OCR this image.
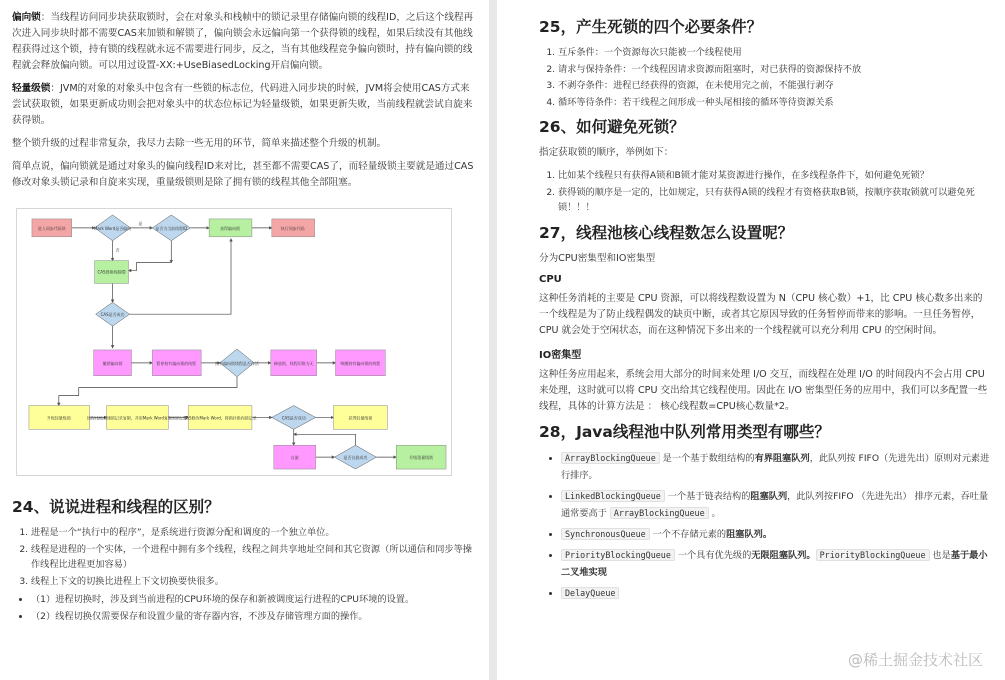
偏向锁：当线程访问同步块获取锁时，会在对象头和栈帧中的锁记录里存储偏向锁的线程ID，之后这个线程再次进入同步块时都不需要CAS来加锁和解锁了，偏向锁会永远偏向第一个获得锁的线程，如果后续没有其他线程获得过这个锁，持有锁的线程就永远不需要进行同步，反之，当有其他线程竞争偏向锁时，持有偏向锁的线程就会释放偏向锁。可以用过设置-XX:+UseBiasedLocking开启偏向锁。

轻量级锁：JVM的对象的对象头中包含有一些锁的标志位，代码进入同步块的时候，JVM将会使用CAS方式来尝试获取锁，如果更新成功则会把对象头中的状态位标记为轻量级锁，如果更新失败，当前线程就尝试自旋来获得锁。

整个锁升级的过程非常复杂，我尽力去除一些无用的环节，简单来描述整个升级的机制。

简单点说，偏向锁就是通过对象头的偏向线程ID来对比，甚至都不需要CAS了，而轻量级锁主要就是通过CAS修改对象头锁记录和自旋来实现，重量级锁则是除了拥有锁的线程其他全部阻塞。

进入同步代码块	Mark Word是否偏向	是否为当前线程ID	获得偏向锁	执行同步代码
CAS替换线程ID
CAS是否成功
撤销偏向锁	暂停持有偏向锁的线程	持有偏向锁线程是否存活	释放锁，线程切换为无	唤醒持有偏向锁的线程
升级轻量级锁	线程栈帧创建锁记录复制，并用Mark Word复制到锁记录
CAS修改Mark Word，将指针指向锁记录	CAS是否成功	获得轻量级锁
自旋	是否自旋成功	升级重量级锁
是
否
24、说说进程和线程的区别？
1. 进程是一个“执行中的程序”，是系统进行资源分配和调度的一个独立单位。
2. 线程是进程的一个实体，一个进程中拥有多个线程，线程之间共享地址空间和其它资源（所以通信和同步等操作线程比进程更加容易）
3. 线程上下文的切换比进程上下文切换要快很多。
• （1）进程切换时，涉及到当前进程的CPU环境的保存和新被调度运行进程的CPU环境的设置。
• （2）线程切换仅需要保存和设置少量的寄存器内容，不涉及存储管理方面的操作。
25，产生死锁的四个必要条件？
1. 互斥条件：一个资源每次只能被一个线程使用
2. 请求与保持条件：一个线程因请求资源而阻塞时，对已获得的资源保持不放
3. 不剥夺条件：进程已经获得的资源，在未使用完之前，不能强行剥夺
4. 循环等待条件：若干线程之间形成一种头尾相接的循环等待资源关系
26、如何避免死锁？

指定获取锁的顺序，举例如下：

1. 比如某个线程只有获得A锁和B锁才能对某资源进行操作，在多线程条件下，如何避免死锁？
2. 获得锁的顺序是一定的，比如规定，只有获得A锁的线程才有资格获取B锁，按顺序获取锁就可以避免死锁！！！
27，线程池核心线程数怎么设置呢？

分为CPU密集型和IO密集型

CPU

这种任务消耗的主要是 CPU 资源，可以将线程数设置为 N（CPU 核心数）+1，比 CPU 核心数多出来的一个线程是为了防止线程偶发的缺页中断，或者其它原因导致的任务暂停而带来的影响。一旦任务暂停，CPU 就会处于空闲状态，而在这种情况下多出来的一个线程就可以充分利用 CPU 的空闲时间。

IO密集型

这种任务应用起来，系统会用大部分的时间来处理 I/O 交互，而线程在处理 I/O 的时间段内不会占用 CPU 来处理，这时就可以将 CPU 交出给其它线程使用。因此在 I/O 密集型任务的应用中，我们可以多配置一些线程，具体的计算方法是 ： 核心线程数=CPU核心数量*2。

28，Java线程池中队列常用类型有哪些？
• ArrayBlockingQueue 是一个基于数组结构的有界阻塞队列，此队列按 FIFO（先进先出）原则对元素进行排序。
• LinkedBlockingQueue 一个基于链表结构的阻塞队列，此队列按FIFO （先进先出） 排序元素，吞吐量通常要高于 ArrayBlockingQueue 。
• SynchronousQueue 一个不存储元素的阻塞队列。
• PriorityBlockingQueue 一个具有优先级的无限阻塞队列。 PriorityBlockingQueue 也是基于最小二叉堆实现
• DelayQueue
@稀土掘金技术社区
